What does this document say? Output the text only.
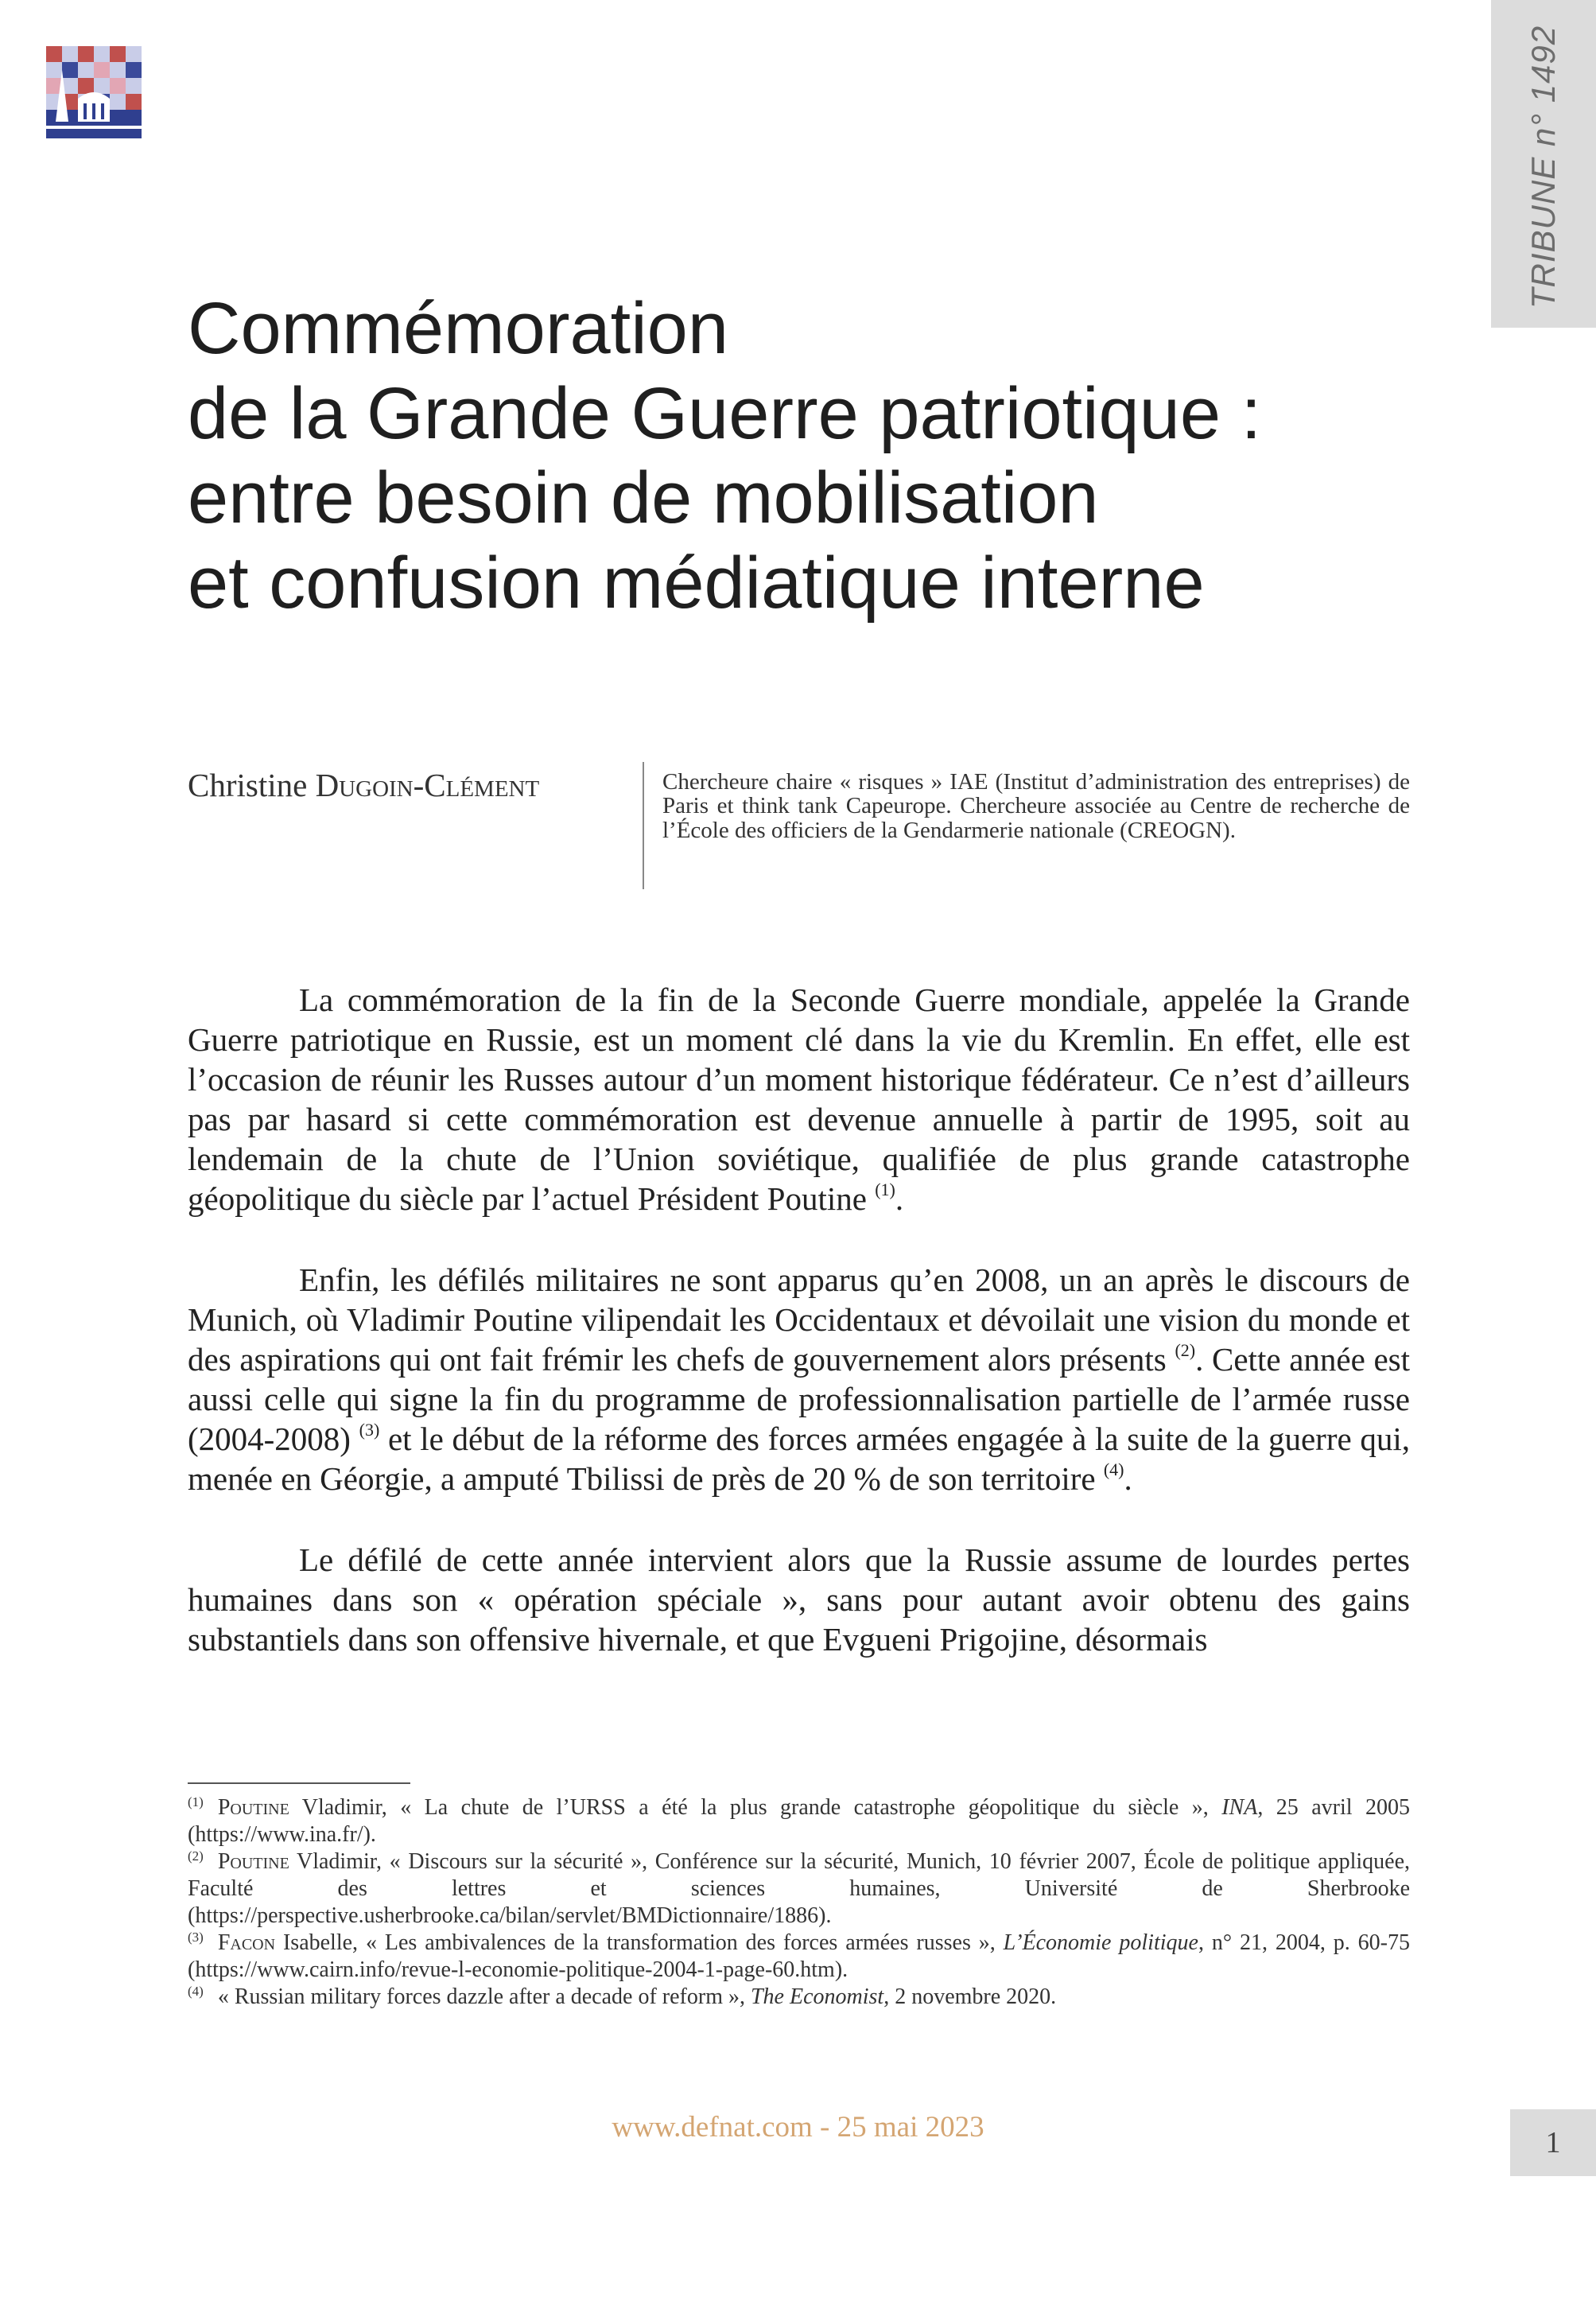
TRIBUNE n° 1492
Commémoration
de la Grande Guerre patriotique :
entre besoin de mobilisation
et confusion médiatique interne
Christine Dugoin-Clément	Chercheure chaire « risques » IAE (Institut d’administration des entreprises) de Paris et think tank Capeurope. Chercheure associée au Centre de recherche de l’École des officiers de la Gendarmerie nationale (CREOGN).

La commémoration de la fin de la Seconde Guerre mondiale, appelée la Grande Guerre patriotique en Russie, est un moment clé dans la vie du Kremlin. En effet, elle est l’occasion de réunir les Russes autour d’un moment historique fédérateur. Ce n’est d’ailleurs pas par hasard si cette commémoration est devenue annuelle à partir de 1995, soit au lendemain de la chute de l’Union soviétique, qualifiée de plus grande catastrophe géopolitique du siècle par l’actuel Président Poutine $^{(1)}$.

Enfin, les défilés militaires ne sont apparus qu’en 2008, un an après le discours de Munich, où Vladimir Poutine vilipendait les Occidentaux et dévoilait une vision du monde et des aspirations qui ont fait frémir les chefs de gouvernement alors présents $^{(2)}$. Cette année est aussi celle qui signe la fin du programme de professionnalisation partielle de l’armée russe (2004-2008) $^{(3)}$ et le début de la réforme des forces armées engagée à la suite de la guerre qui, menée en Géorgie, a amputé Tbilissi de près de 20 % de son territoire $^{(4)}$.

Le défilé de cette année intervient alors que la Russie assume de lourdes pertes humaines dans son « opération spéciale », sans pour autant avoir obtenu des gains substantiels dans son offensive hivernale, et que Evgueni Prigojine, désormais

$^{(1)}$ Poutine Vladimir, « La chute de l’URSS a été la plus grande catastrophe géopolitique du siècle », INA, 25 avril 2005 (https://www.ina.fr/).
$^{(2)}$ Poutine Vladimir, « Discours sur la sécurité », Conférence sur la sécurité, Munich, 10 février 2007, École de politique appliquée, Faculté des lettres et sciences humaines, Université de Sherbrooke (https://perspective.usherbrooke.ca/bilan/servlet/BMDictionnaire/1886).
$^{(3)}$ Facon Isabelle, « Les ambivalences de la transformation des forces armées russes », L’Économie politique, n° 21, 2004, p. 60-75 (https://www.cairn.info/revue-l-economie-politique-2004-1-page-60.htm).
$^{(4)}$ « Russian military forces dazzle after a decade of reform », The Economist, 2 novembre 2020.
www.defnat.com - 25 mai 2023	1
